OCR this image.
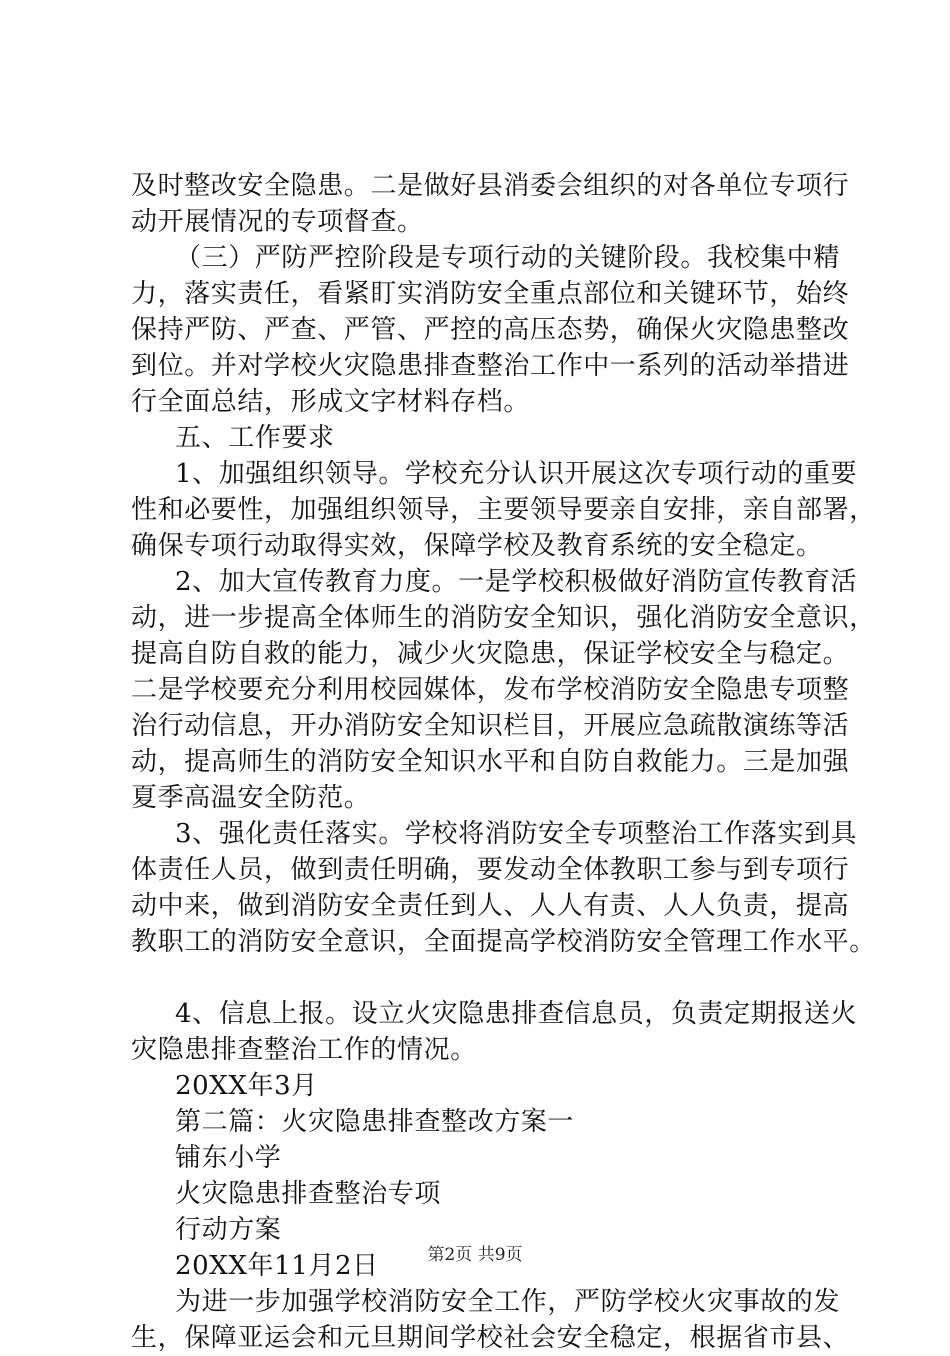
及时整改安全隐患。二是做好县消委会组织的对各单位专项行
动开展情况的专项督查。
（三）严防严控阶段是专项行动的关键阶段。我校集中精
力，落实责任，看紧盯实消防安全重点部位和关键环节，始终
保持严防、严查、严管、严控的高压态势，确保火灾隐患整改
到位。并对学校火灾隐患排查整治工作中一系列的活动举措进
行全面总结，形成文字材料存档。
五、工作要求
1、加强组织领导。学校充分认识开展这次专项行动的重要
性和必要性，加强组织领导，主要领导要亲自安排，亲自部署，
确保专项行动取得实效，保障学校及教育系统的安全稳定。
2、加大宣传教育力度。一是学校积极做好消防宣传教育活
动，进一步提高全体师生的消防安全知识，强化消防安全意识，
提高自防自救的能力，减少火灾隐患，保证学校安全与稳定。
二是学校要充分利用校园媒体，发布学校消防安全隐患专项整
治行动信息，开办消防安全知识栏目，开展应急疏散演练等活
动，提高师生的消防安全知识水平和自防自救能力。三是加强
夏季高温安全防范。
3、强化责任落实。学校将消防安全专项整治工作落实到具
体责任人员，做到责任明确，要发动全体教职工参与到专项行
动中来，做到消防安全责任到人、人人有责、人人负责，提高
教职工的消防安全意识，全面提高学校消防安全管理工作水平。
4、信息上报。设立火灾隐患排查信息员，负责定期报送火
灾隐患排查整治工作的情况。
20XX年3月
第二篇：火灾隐患排查整改方案一
铺东小学
火灾隐患排查整治专项
行动方案
20XX年11月2日
为进一步加强学校消防安全工作，严防学校火灾事故的发
生，保障亚运会和元旦期间学校社会安全稳定，根据省市县、
第2页 共9页
